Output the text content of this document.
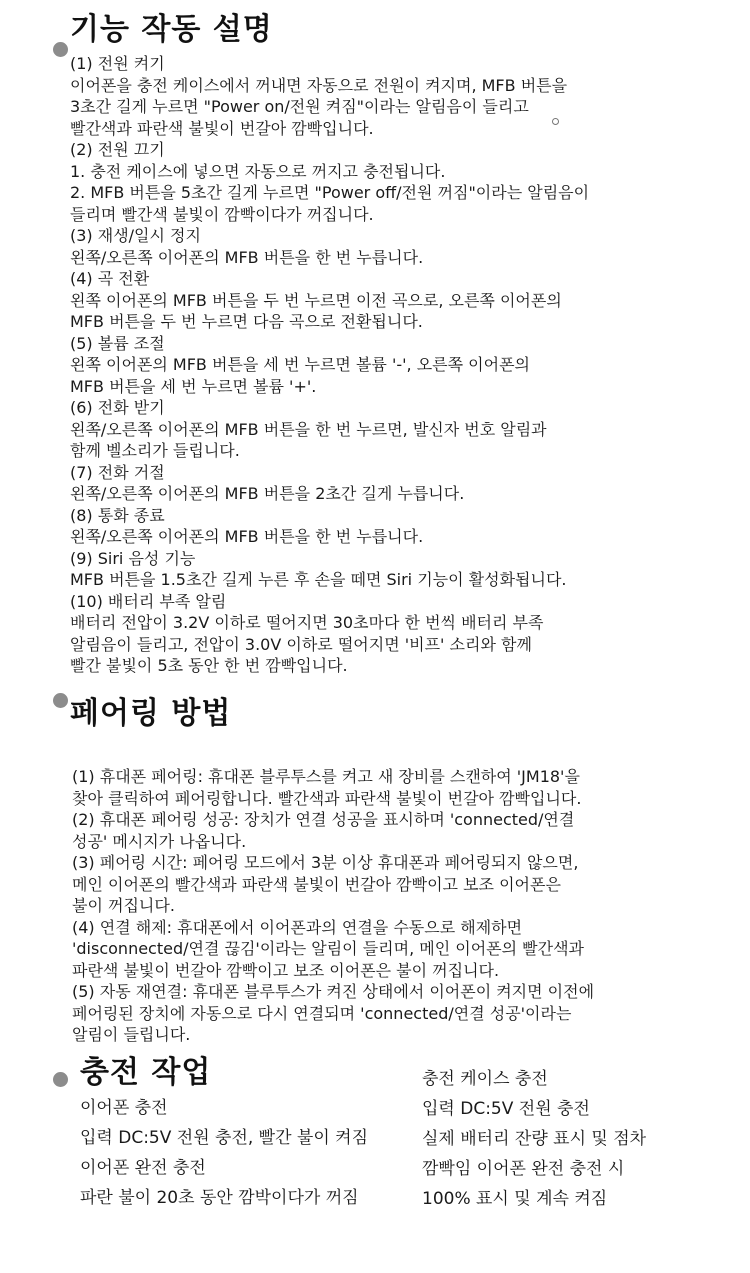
기능 작동 설명
(1) 전원 켜기
이어폰을 충전 케이스에서 꺼내면 자동으로 전원이 켜지며, MFB 버튼을
3초간 길게 누르면 "Power on/전원 켜짐"이라는 알림음이 들리고
빨간색과 파란색 불빛이 번갈아 깜빡입니다.
(2) 전원 끄기
1. 충전 케이스에 넣으면 자동으로 꺼지고 충전됩니다.
2. MFB 버튼을 5초간 길게 누르면 "Power off/전원 꺼짐"이라는 알림음이
들리며 빨간색 불빛이 깜빡이다가 꺼집니다.
(3) 재생/일시 정지
왼쪽/오른쪽 이어폰의 MFB 버튼을 한 번 누릅니다.
(4) 곡 전환
왼쪽 이어폰의 MFB 버튼을 두 번 누르면 이전 곡으로, 오른쪽 이어폰의
MFB 버튼을 두 번 누르면 다음 곡으로 전환됩니다.
(5) 볼륨 조절
왼쪽 이어폰의 MFB 버튼을 세 번 누르면 볼륨 '-', 오른쪽 이어폰의
MFB 버튼을 세 번 누르면 볼륨 '+'.
(6) 전화 받기
왼쪽/오른쪽 이어폰의 MFB 버튼을 한 번 누르면, 발신자 번호 알림과
함께 벨소리가 들립니다.
(7) 전화 거절
왼쪽/오른쪽 이어폰의 MFB 버튼을 2초간 길게 누릅니다.
(8) 통화 종료
왼쪽/오른쪽 이어폰의 MFB 버튼을 한 번 누릅니다.
(9) Siri 음성 기능
MFB 버튼을 1.5초간 길게 누른 후 손을 떼면 Siri 기능이 활성화됩니다.
(10) 배터리 부족 알림
배터리 전압이 3.2V 이하로 떨어지면 30초마다 한 번씩 배터리 부족
알림음이 들리고, 전압이 3.0V 이하로 떨어지면 '비프' 소리와 함께
빨간 불빛이 5초 동안 한 번 깜빡입니다.
페어링 방법
(1) 휴대폰 페어링: 휴대폰 블루투스를 켜고 새 장비를 스캔하여 'JM18'을
찾아 클릭하여 페어링합니다. 빨간색과 파란색 불빛이 번갈아 깜빡입니다.
(2) 휴대폰 페어링 성공: 장치가 연결 성공을 표시하며 'connected/연결
성공' 메시지가 나옵니다.
(3) 페어링 시간: 페어링 모드에서 3분 이상 휴대폰과 페어링되지 않으면,
메인 이어폰의 빨간색과 파란색 불빛이 번갈아 깜빡이고 보조 이어폰은
불이 꺼집니다.
(4) 연결 해제: 휴대폰에서 이어폰과의 연결을 수동으로 해제하면
'disconnected/연결 끊김'이라는 알림이 들리며, 메인 이어폰의 빨간색과
파란색 불빛이 번갈아 깜빡이고 보조 이어폰은 불이 꺼집니다.
(5) 자동 재연결: 휴대폰 블루투스가 켜진 상태에서 이어폰이 켜지면 이전에
페어링된 장치에 자동으로 다시 연결되며 'connected/연결 성공'이라는
알림이 들립니다.
충전 작업
이어폰 충전
입력 DC:5V 전원 충전, 빨간 불이 켜짐
이어폰 완전 충전
파란 불이 20초 동안 깜박이다가 꺼짐
충전 케이스 충전
입력 DC:5V 전원 충전
실제 배터리 잔량 표시 및 점차
깜빡임 이어폰 완전 충전 시
100% 표시 및 계속 켜짐
